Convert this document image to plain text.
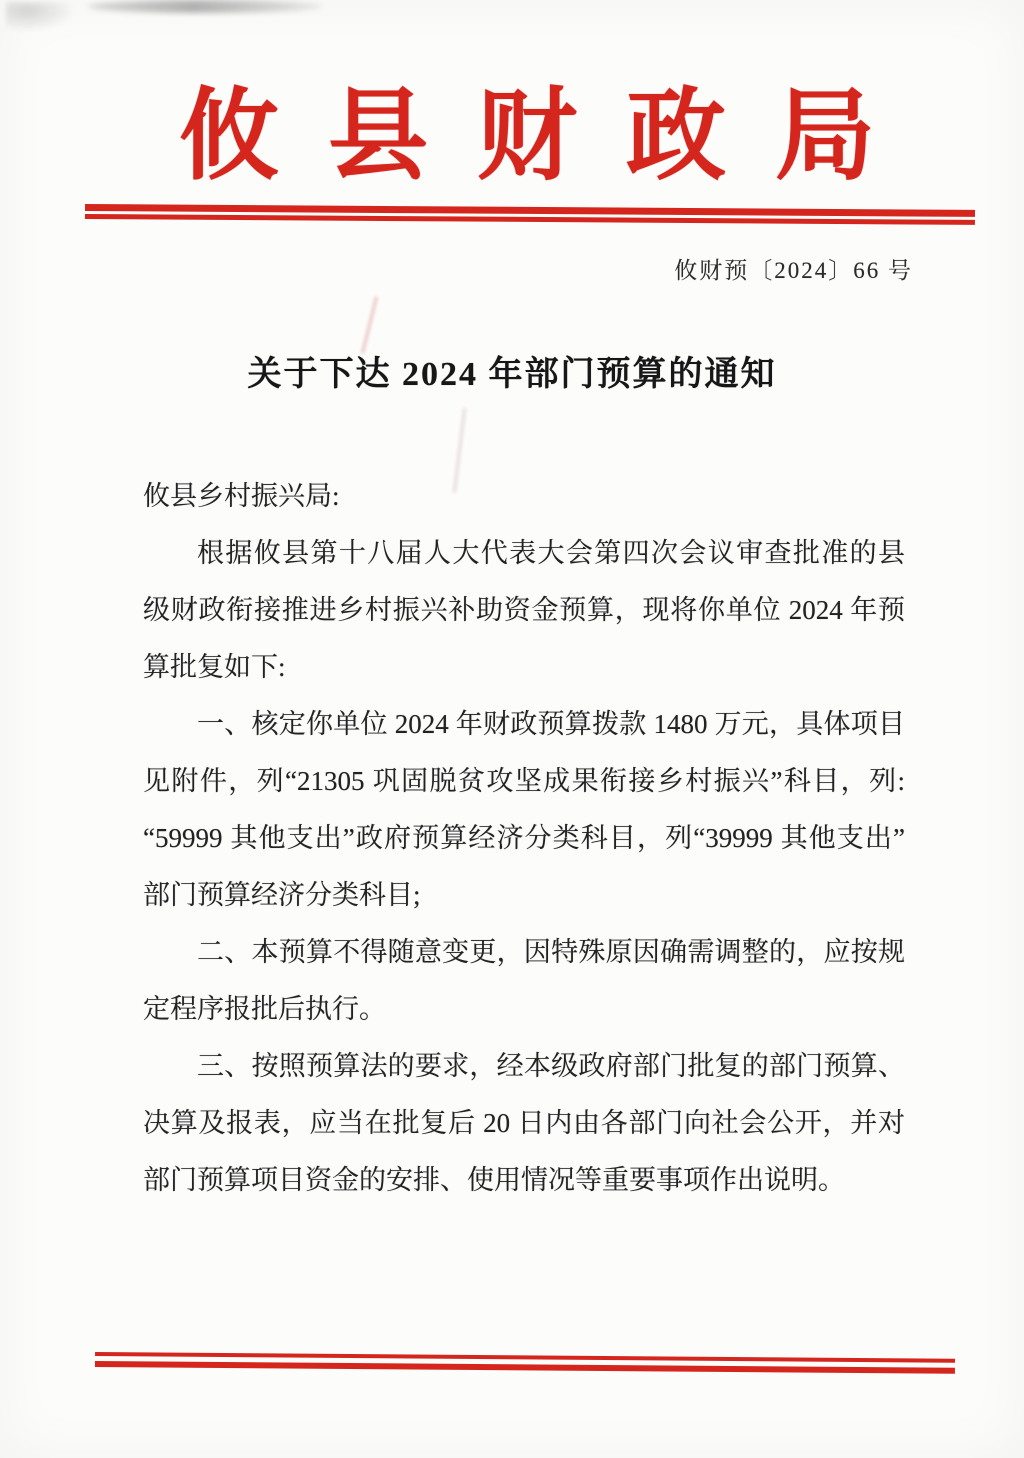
攸县财政局
攸财预〔2024〕66 号
关于下达 2024 年部门预算的通知
攸县乡村振兴局:
根据攸县第十八届人大代表大会第四次会议审查批准的县
级财政衔接推进乡村振兴补助资金预算，现将你单位 2024 年预
算批复如下:
一、核定你单位 2024 年财政预算拨款 1480 万元，具体项目
见附件，列“21305 巩固脱贫攻坚成果衔接乡村振兴”科目，列:
“59999 其他支出”政府预算经济分类科目，列“39999 其他支出”
部门预算经济分类科目;
二、本预算不得随意变更，因特殊原因确需调整的，应按规
定程序报批后执行。
三、按照预算法的要求，经本级政府部门批复的部门预算、
决算及报表，应当在批复后 20 日内由各部门向社会公开，并对
部门预算项目资金的安排、使用情况等重要事项作出说明。
